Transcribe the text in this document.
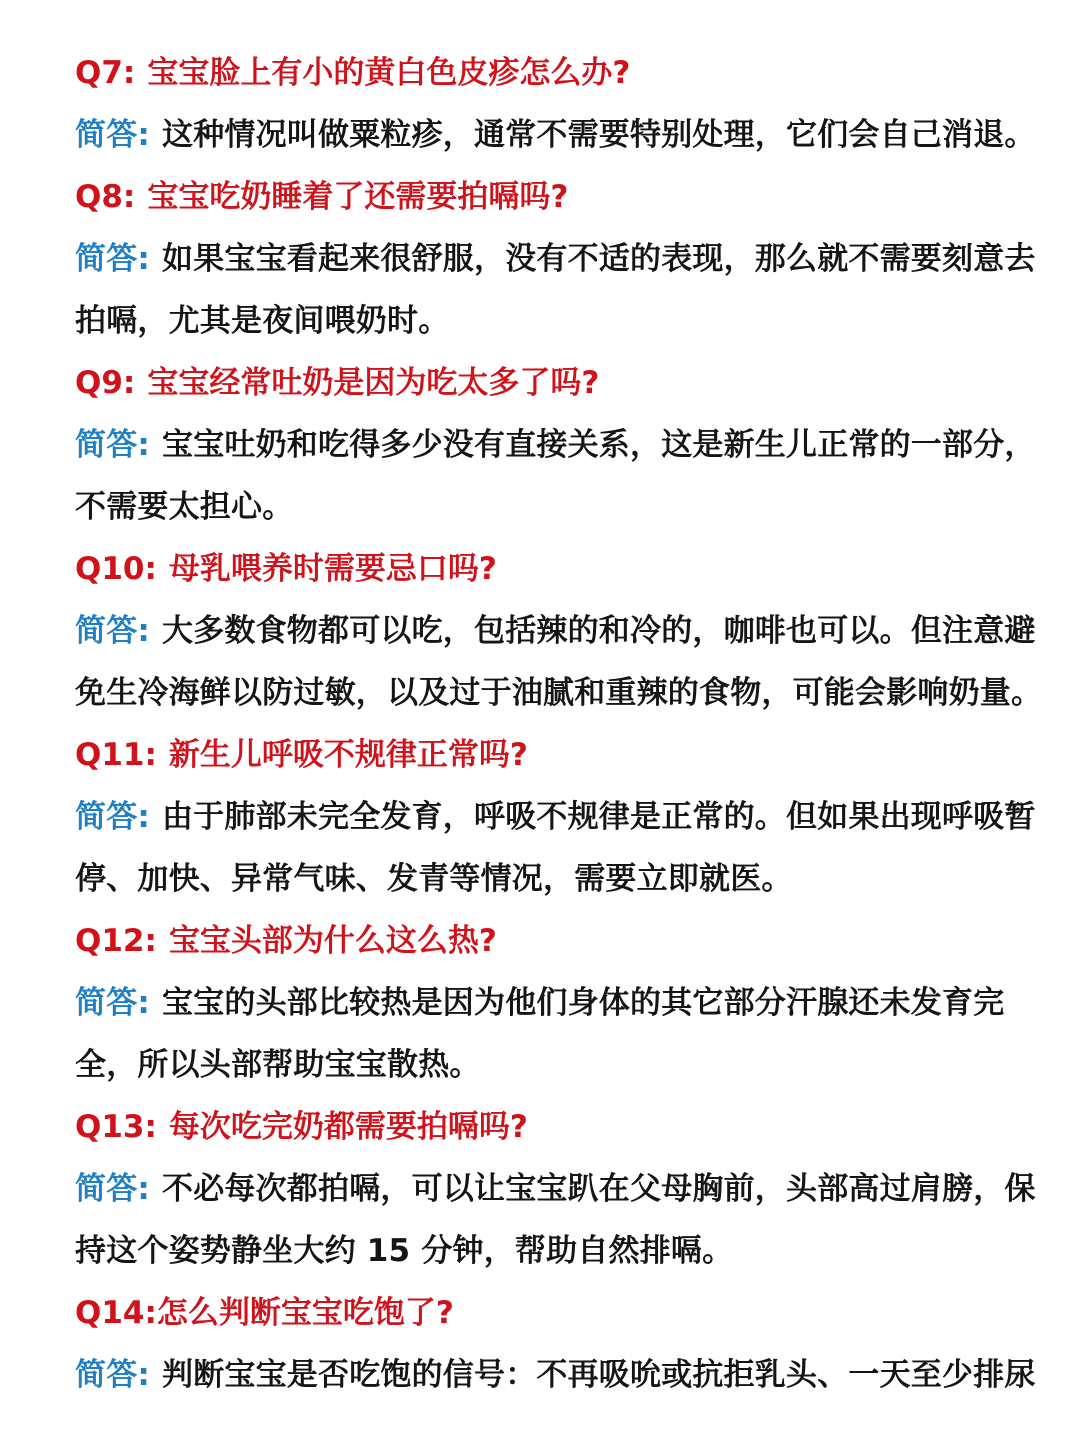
Q7: 宝宝脸上有小的黄白色皮疹怎么办?

简答: 这种情况叫做粟粒疹，通常不需要特别处理，它们会自己消退。

Q8: 宝宝吃奶睡着了还需要拍嗝吗?

简答: 如果宝宝看起来很舒服，没有不适的表现，那么就不需要刻意去拍嗝，尤其是夜间喂奶时。

Q9: 宝宝经常吐奶是因为吃太多了吗?

简答: 宝宝吐奶和吃得多少没有直接关系，这是新生儿正常的一部分，不需要太担心。

Q10: 母乳喂养时需要忌口吗?

简答: 大多数食物都可以吃，包括辣的和冷的，咖啡也可以。但注意避免生冷海鲜以防过敏，以及过于油腻和重辣的食物，可能会影响奶量。

Q11: 新生儿呼吸不规律正常吗?

简答: 由于肺部未完全发育，呼吸不规律是正常的。但如果出现呼吸暂停、加快、异常气味、发青等情况，需要立即就医。

Q12: 宝宝头部为什么这么热?

简答: 宝宝的头部比较热是因为他们身体的其它部分汗腺还未发育完全，所以头部帮助宝宝散热。

Q13: 每次吃完奶都需要拍嗝吗?

简答: 不必每次都拍嗝，可以让宝宝趴在父母胸前，头部高过肩膀，保持这个姿势静坐大约 15 分钟，帮助自然排嗝。

Q14:怎么判断宝宝吃饱了?

简答: 判断宝宝是否吃饱的信号：不再吸吮或抗拒乳头、一天至少排尿
